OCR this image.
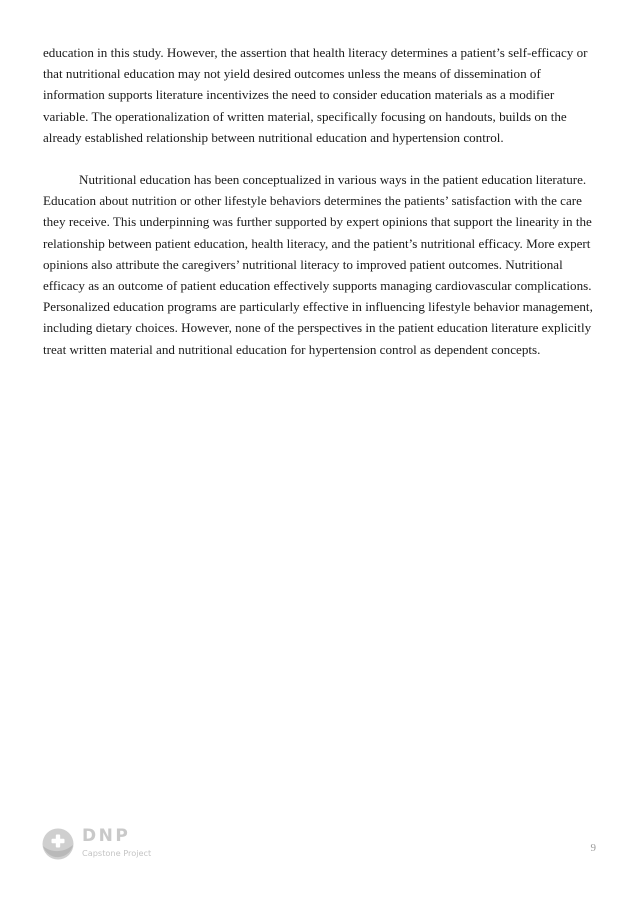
education in this study. However, the assertion that health literacy determines a patient’s self-efficacy or that nutritional education may not yield desired outcomes unless the means of dissemination of information supports literature incentivizes the need to consider education materials as a modifier variable. The operationalization of written material, specifically focusing on handouts, builds on the already established relationship between nutritional education and hypertension control.

Nutritional education has been conceptualized in various ways in the patient education literature. Education about nutrition or other lifestyle behaviors determines the patients’ satisfaction with the care they receive. This underpinning was further supported by expert opinions that support the linearity in the relationship between patient education, health literacy, and the patient’s nutritional efficacy. More expert opinions also attribute the caregivers’ nutritional literacy to improved patient outcomes. Nutritional efficacy as an outcome of patient education effectively supports managing cardiovascular complications. Personalized education programs are particularly effective in influencing lifestyle behavior management, including dietary choices. However, none of the perspectives in the patient education literature explicitly treat written material and nutritional education for hypertension control as dependent concepts.

DNP
Capstone Project	9
